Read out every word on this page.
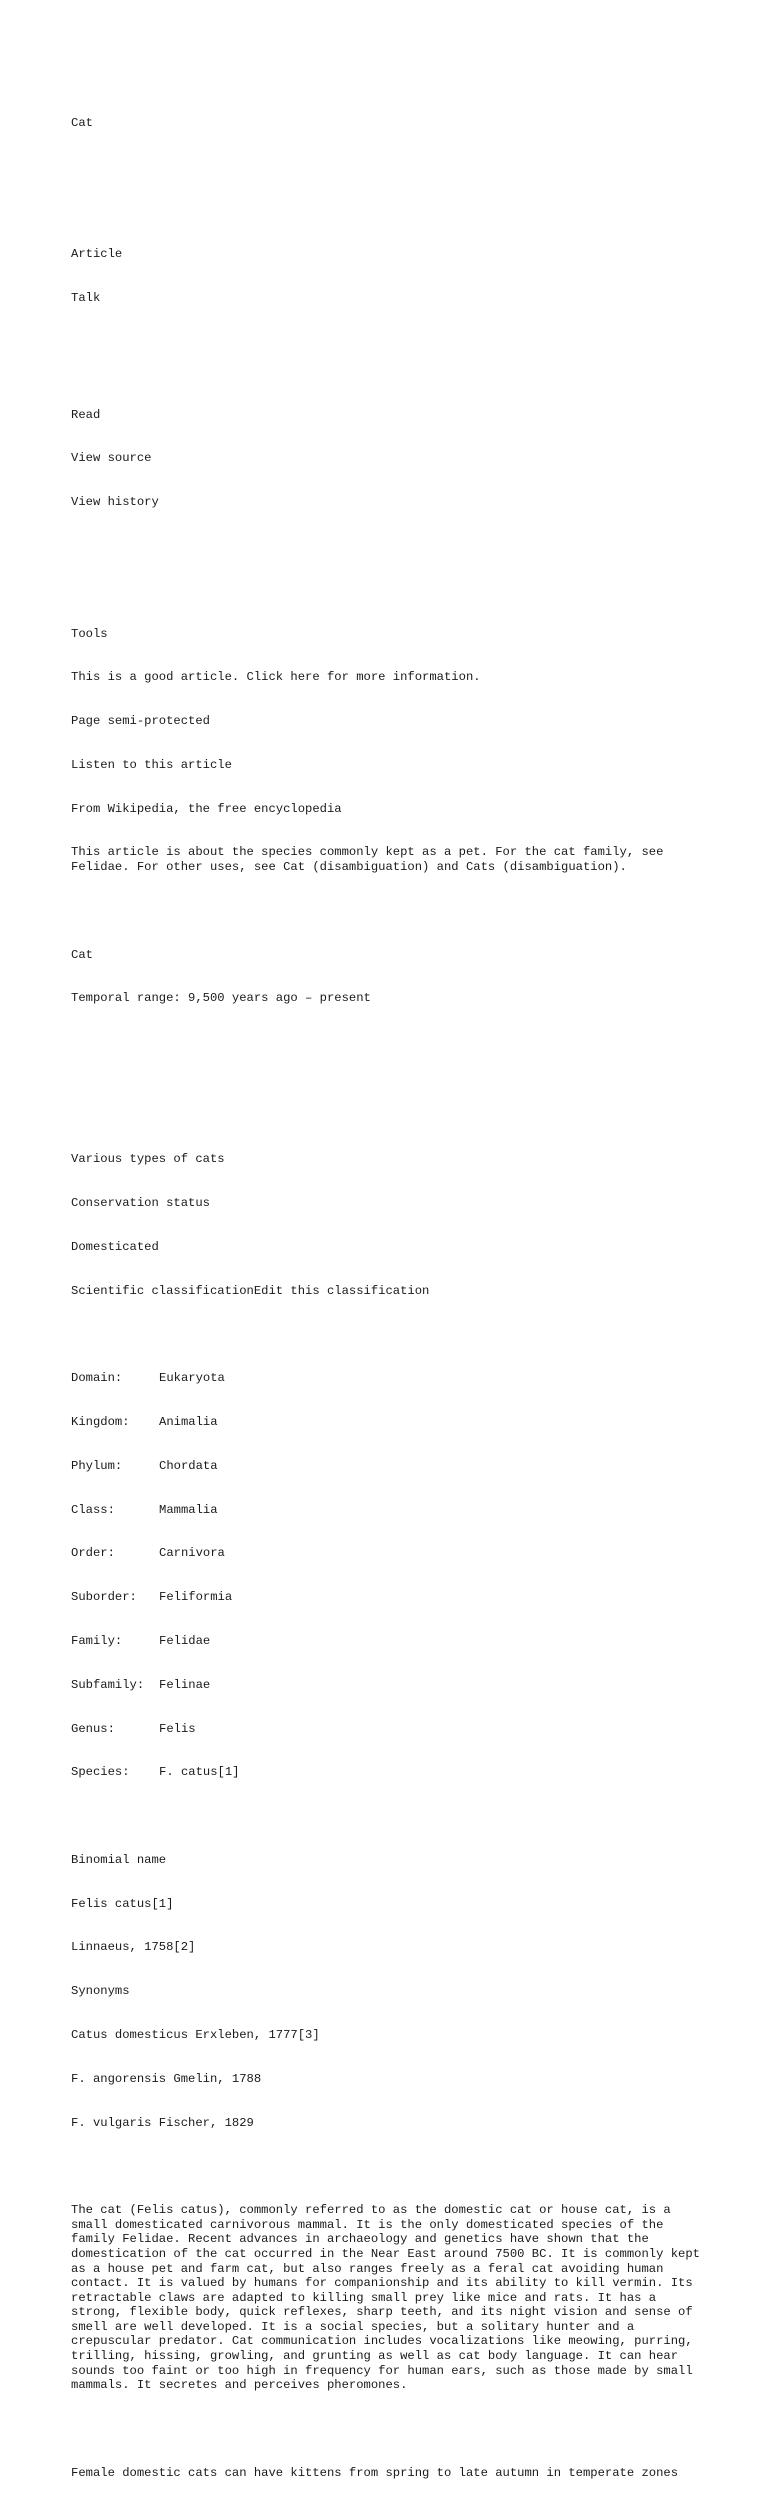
Cat

Article

Talk

Read

View source

View history

Tools

This is a good article. Click here for more information.

Page semi-protected

Listen to this article

From Wikipedia, the free encyclopedia

This article is about the species commonly kept as a pet. For the cat family, see Felidae. For other uses, see Cat (disambiguation) and Cats (disambiguation).

Cat

Temporal range: 9,500 years ago – present

Various types of cats

Conservation status

Domesticated

Scientific classificationEdit this classification

Domain:	Eukaryota

Kingdom:	Animalia

Phylum:	Chordata

Class:	Mammalia

Order:	Carnivora

Suborder:	Feliformia

Family:	Felidae

Subfamily:	Felinae

Genus:	Felis

Species:	F. catus[1]

Binomial name

Felis catus[1]

Linnaeus, 1758[2]

Synonyms

Catus domesticus Erxleben, 1777[3]

F. angorensis Gmelin, 1788

F. vulgaris Fischer, 1829

The cat (Felis catus), commonly referred to as the domestic cat or house cat, is a small domesticated carnivorous mammal. It is the only domesticated species of the family Felidae. Recent advances in archaeology and genetics have shown that the domestication of the cat occurred in the Near East around 7500 BC. It is commonly kept as a house pet and farm cat, but also ranges freely as a feral cat avoiding human contact. It is valued by humans for companionship and its ability to kill vermin. Its retractable claws are adapted to killing small prey like mice and rats. It has a strong, flexible body, quick reflexes, sharp teeth, and its night vision and sense of smell are well developed. It is a social species, but a solitary hunter and a crepuscular predator. Cat communication includes vocalizations like meowing, purring, trilling, hissing, growling, and grunting as well as cat body language. It can hear sounds too faint or too high in frequency for human ears, such as those made by small mammals. It secretes and perceives pheromones.

Female domestic cats can have kittens from spring to late autumn in temperate zones
